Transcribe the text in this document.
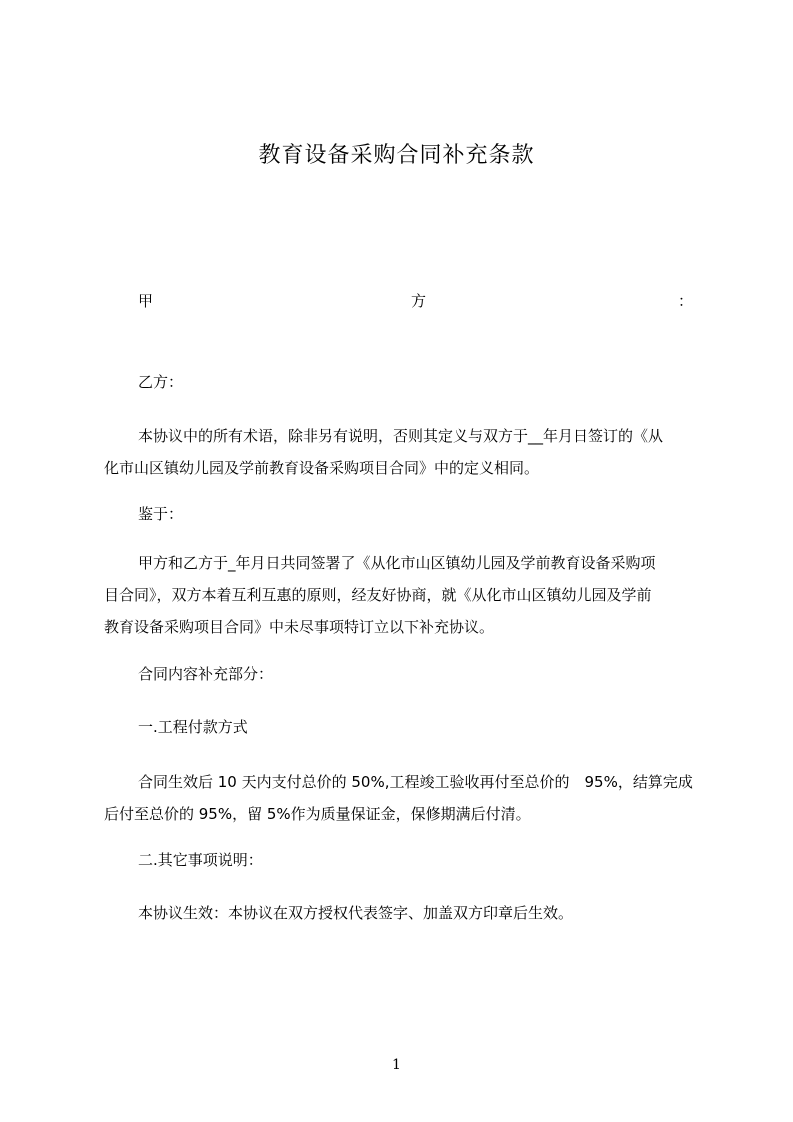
教育设备采购合同补充条款
甲	方	：
乙方：
本协议中的所有术语，除非另有说明，否则其定义与双方于__年月日签订的《从
化市山区镇幼儿园及学前教育设备采购项目合同》中的定义相同。
鉴于：
甲方和乙方于_年月日共同签署了《从化市山区镇幼儿园及学前教育设备采购项
目合同》，双方本着互利互惠的原则，经友好协商，就《从化市山区镇幼儿园及学前
教育设备采购项目合同》中未尽事项特订立以下补充协议。
合同内容补充部分：
一.工程付款方式
合同生效后 10 天内支付总价的 50%,工程竣工验收再付至总价的　95%，结算完成
后付至总价的 95%，留 5%作为质量保证金，保修期满后付清。
二.其它事项说明：
本协议生效：本协议在双方授权代表签字、加盖双方印章后生效。
1
